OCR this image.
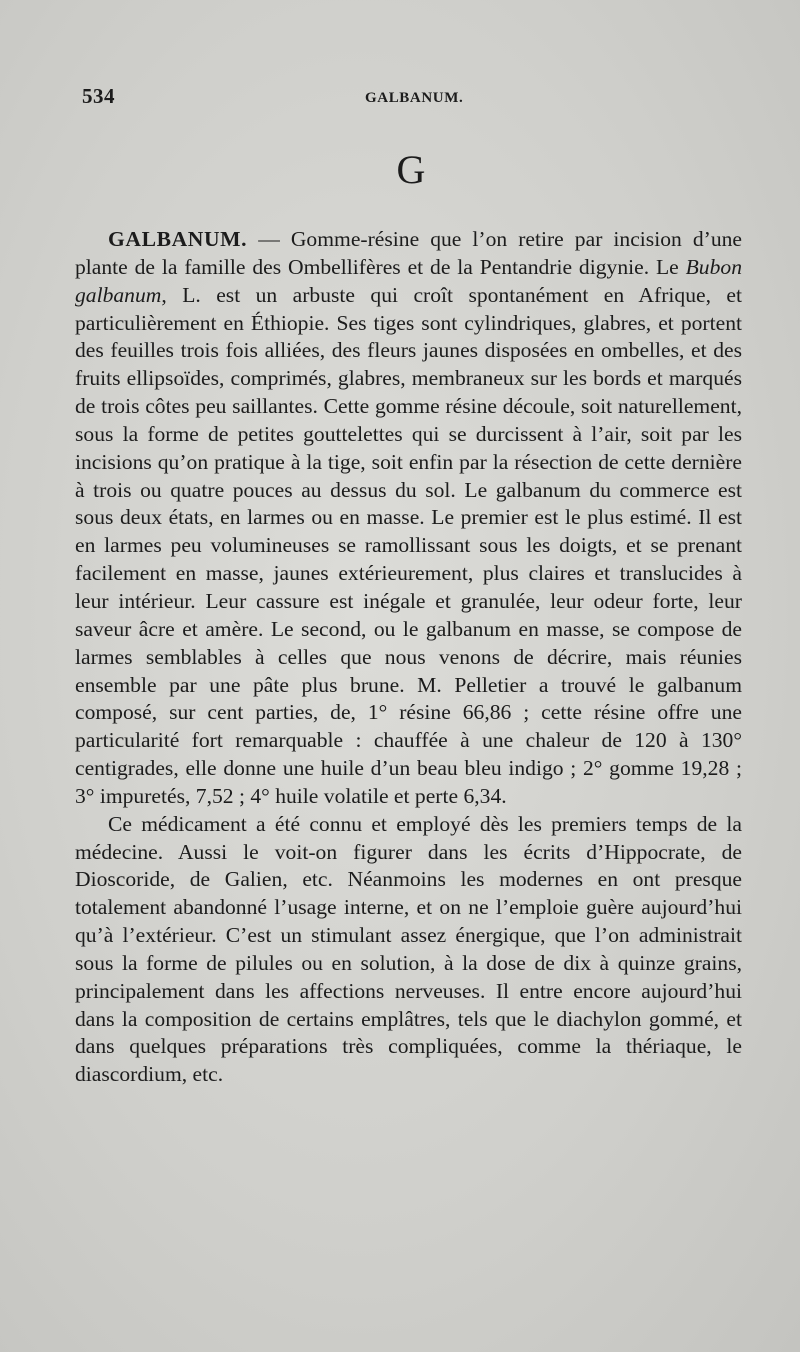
534	GALBANUM.
G

GALBANUM. — Gomme-résine que l’on retire par incision d’une plante de la famille des Ombellifères et de la Pentandrie digynie. Le Bubon galbanum, L. est un arbuste qui croît spontanément en Afrique, et particulièrement en Éthiopie. Ses tiges sont cylindriques, glabres, et portent des feuilles trois fois alliées, des fleurs jaunes disposées en ombelles, et des fruits ellipsoïdes, comprimés, glabres, membraneux sur les bords et marqués de trois côtes peu saillantes. Cette gomme résine découle, soit naturellement, sous la forme de petites gouttelettes qui se durcissent à l’air, soit par les incisions qu’on pratique à la tige, soit enfin par la résection de cette dernière à trois ou quatre pouces au dessus du sol. Le galbanum du commerce est sous deux états, en larmes ou en masse. Le premier est le plus estimé. Il est en larmes peu volumineuses se ramollissant sous les doigts, et se prenant facilement en masse, jaunes extérieurement, plus claires et translucides à leur intérieur. Leur cassure est inégale et granulée, leur odeur forte, leur saveur âcre et amère. Le second, ou le galbanum en masse, se compose de larmes semblables à celles que nous venons de décrire, mais réunies ensemble par une pâte plus brune. M. Pelletier a trouvé le galbanum composé, sur cent parties, de, 1° résine 66,86 ; cette résine offre une particularité fort remarquable : chauffée à une chaleur de 120 à 130° centigrades, elle donne une huile d’un beau bleu indigo ; 2° gomme 19,28 ; 3° impuretés, 7,52 ; 4° huile volatile et perte 6,34.

Ce médicament a été connu et employé dès les premiers temps de la médecine. Aussi le voit-on figurer dans les écrits d’Hippocrate, de Dioscoride, de Galien, etc. Néanmoins les modernes en ont presque totalement abandonné l’usage interne, et on ne l’emploie guère aujourd’hui qu’à l’extérieur. C’est un stimulant assez énergique, que l’on administrait sous la forme de pilules ou en solution, à la dose de dix à quinze grains, principalement dans les affections nerveuses. Il entre encore aujourd’hui dans la composition de certains emplâtres, tels que le diachylon gommé, et dans quelques préparations très compliquées, comme la thériaque, le diascordium, etc.
